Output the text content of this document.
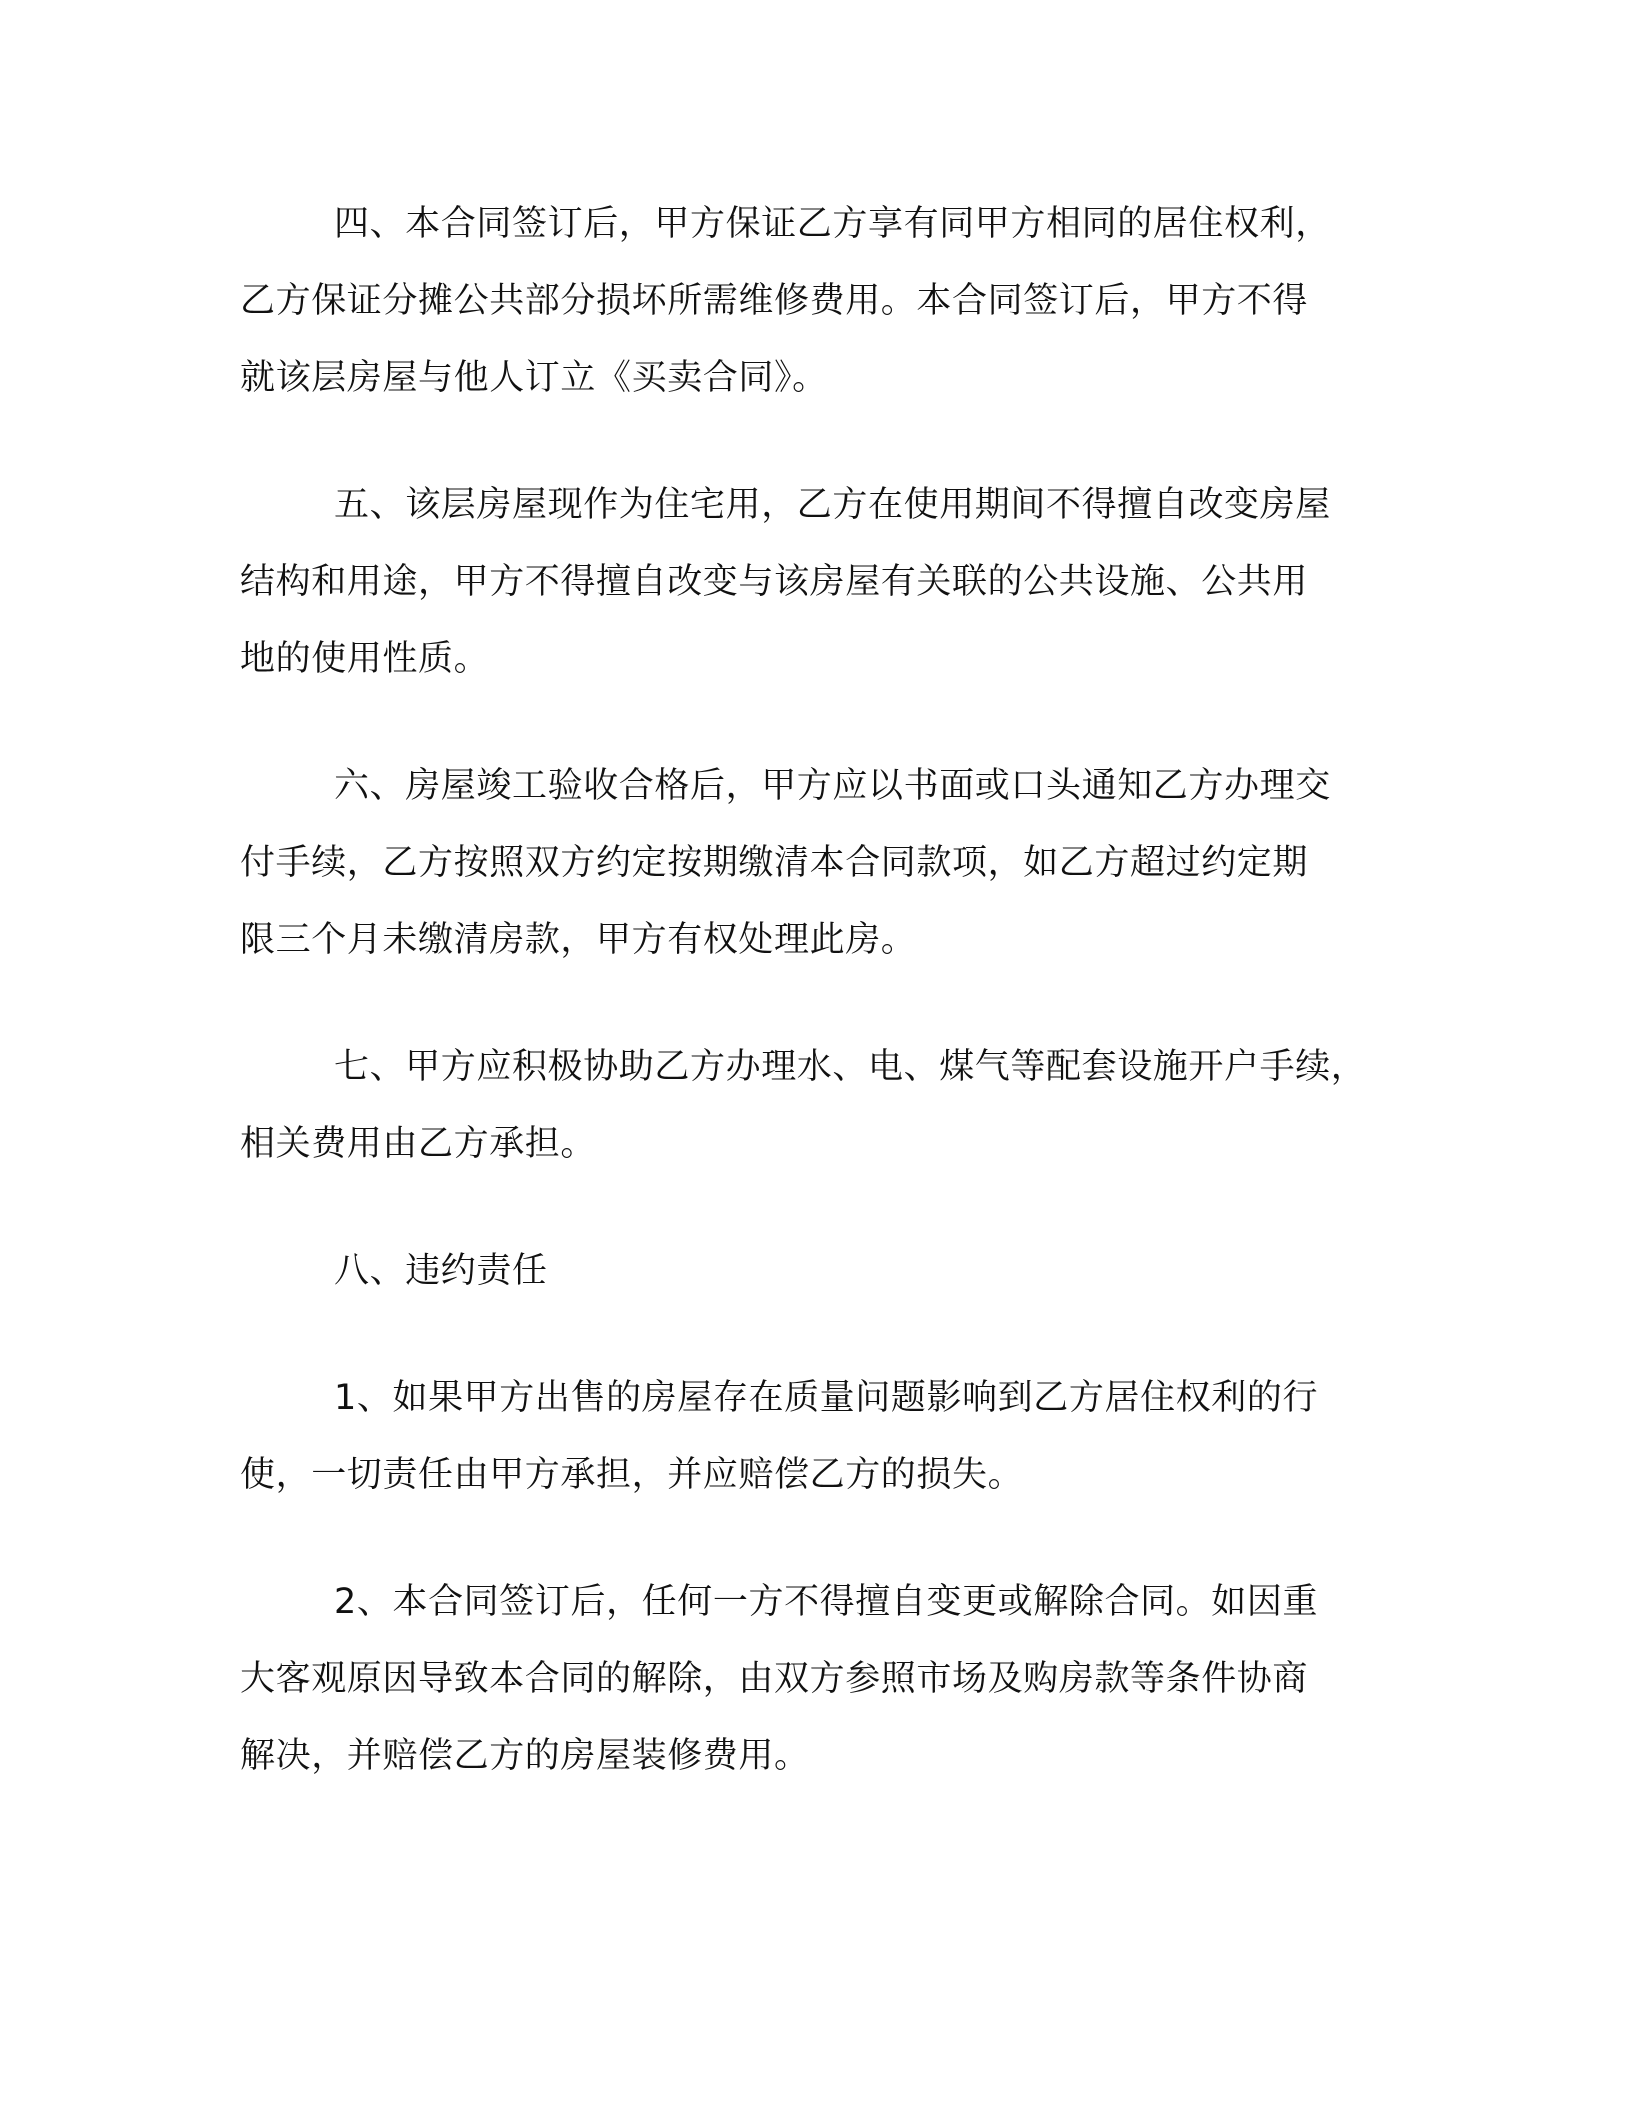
四、本合同签订后，甲方保证乙方享有同甲方相同的居住权利，
乙方保证分摊公共部分损坏所需维修费用。本合同签订后，甲方不得
就该层房屋与他人订立《买卖合同》。

五、该层房屋现作为住宅用，乙方在使用期间不得擅自改变房屋
结构和用途，甲方不得擅自改变与该房屋有关联的公共设施、公共用
地的使用性质。

六、房屋竣工验收合格后，甲方应以书面或口头通知乙方办理交
付手续，乙方按照双方约定按期缴清本合同款项，如乙方超过约定期
限三个月未缴清房款，甲方有权处理此房。

七、甲方应积极协助乙方办理水、电、煤气等配套设施开户手续，
相关费用由乙方承担。

八、违约责任

1、如果甲方出售的房屋存在质量问题影响到乙方居住权利的行
使，一切责任由甲方承担，并应赔偿乙方的损失。

2、本合同签订后，任何一方不得擅自变更或解除合同。如因重
大客观原因导致本合同的解除，由双方参照市场及购房款等条件协商
解决，并赔偿乙方的房屋装修费用。
